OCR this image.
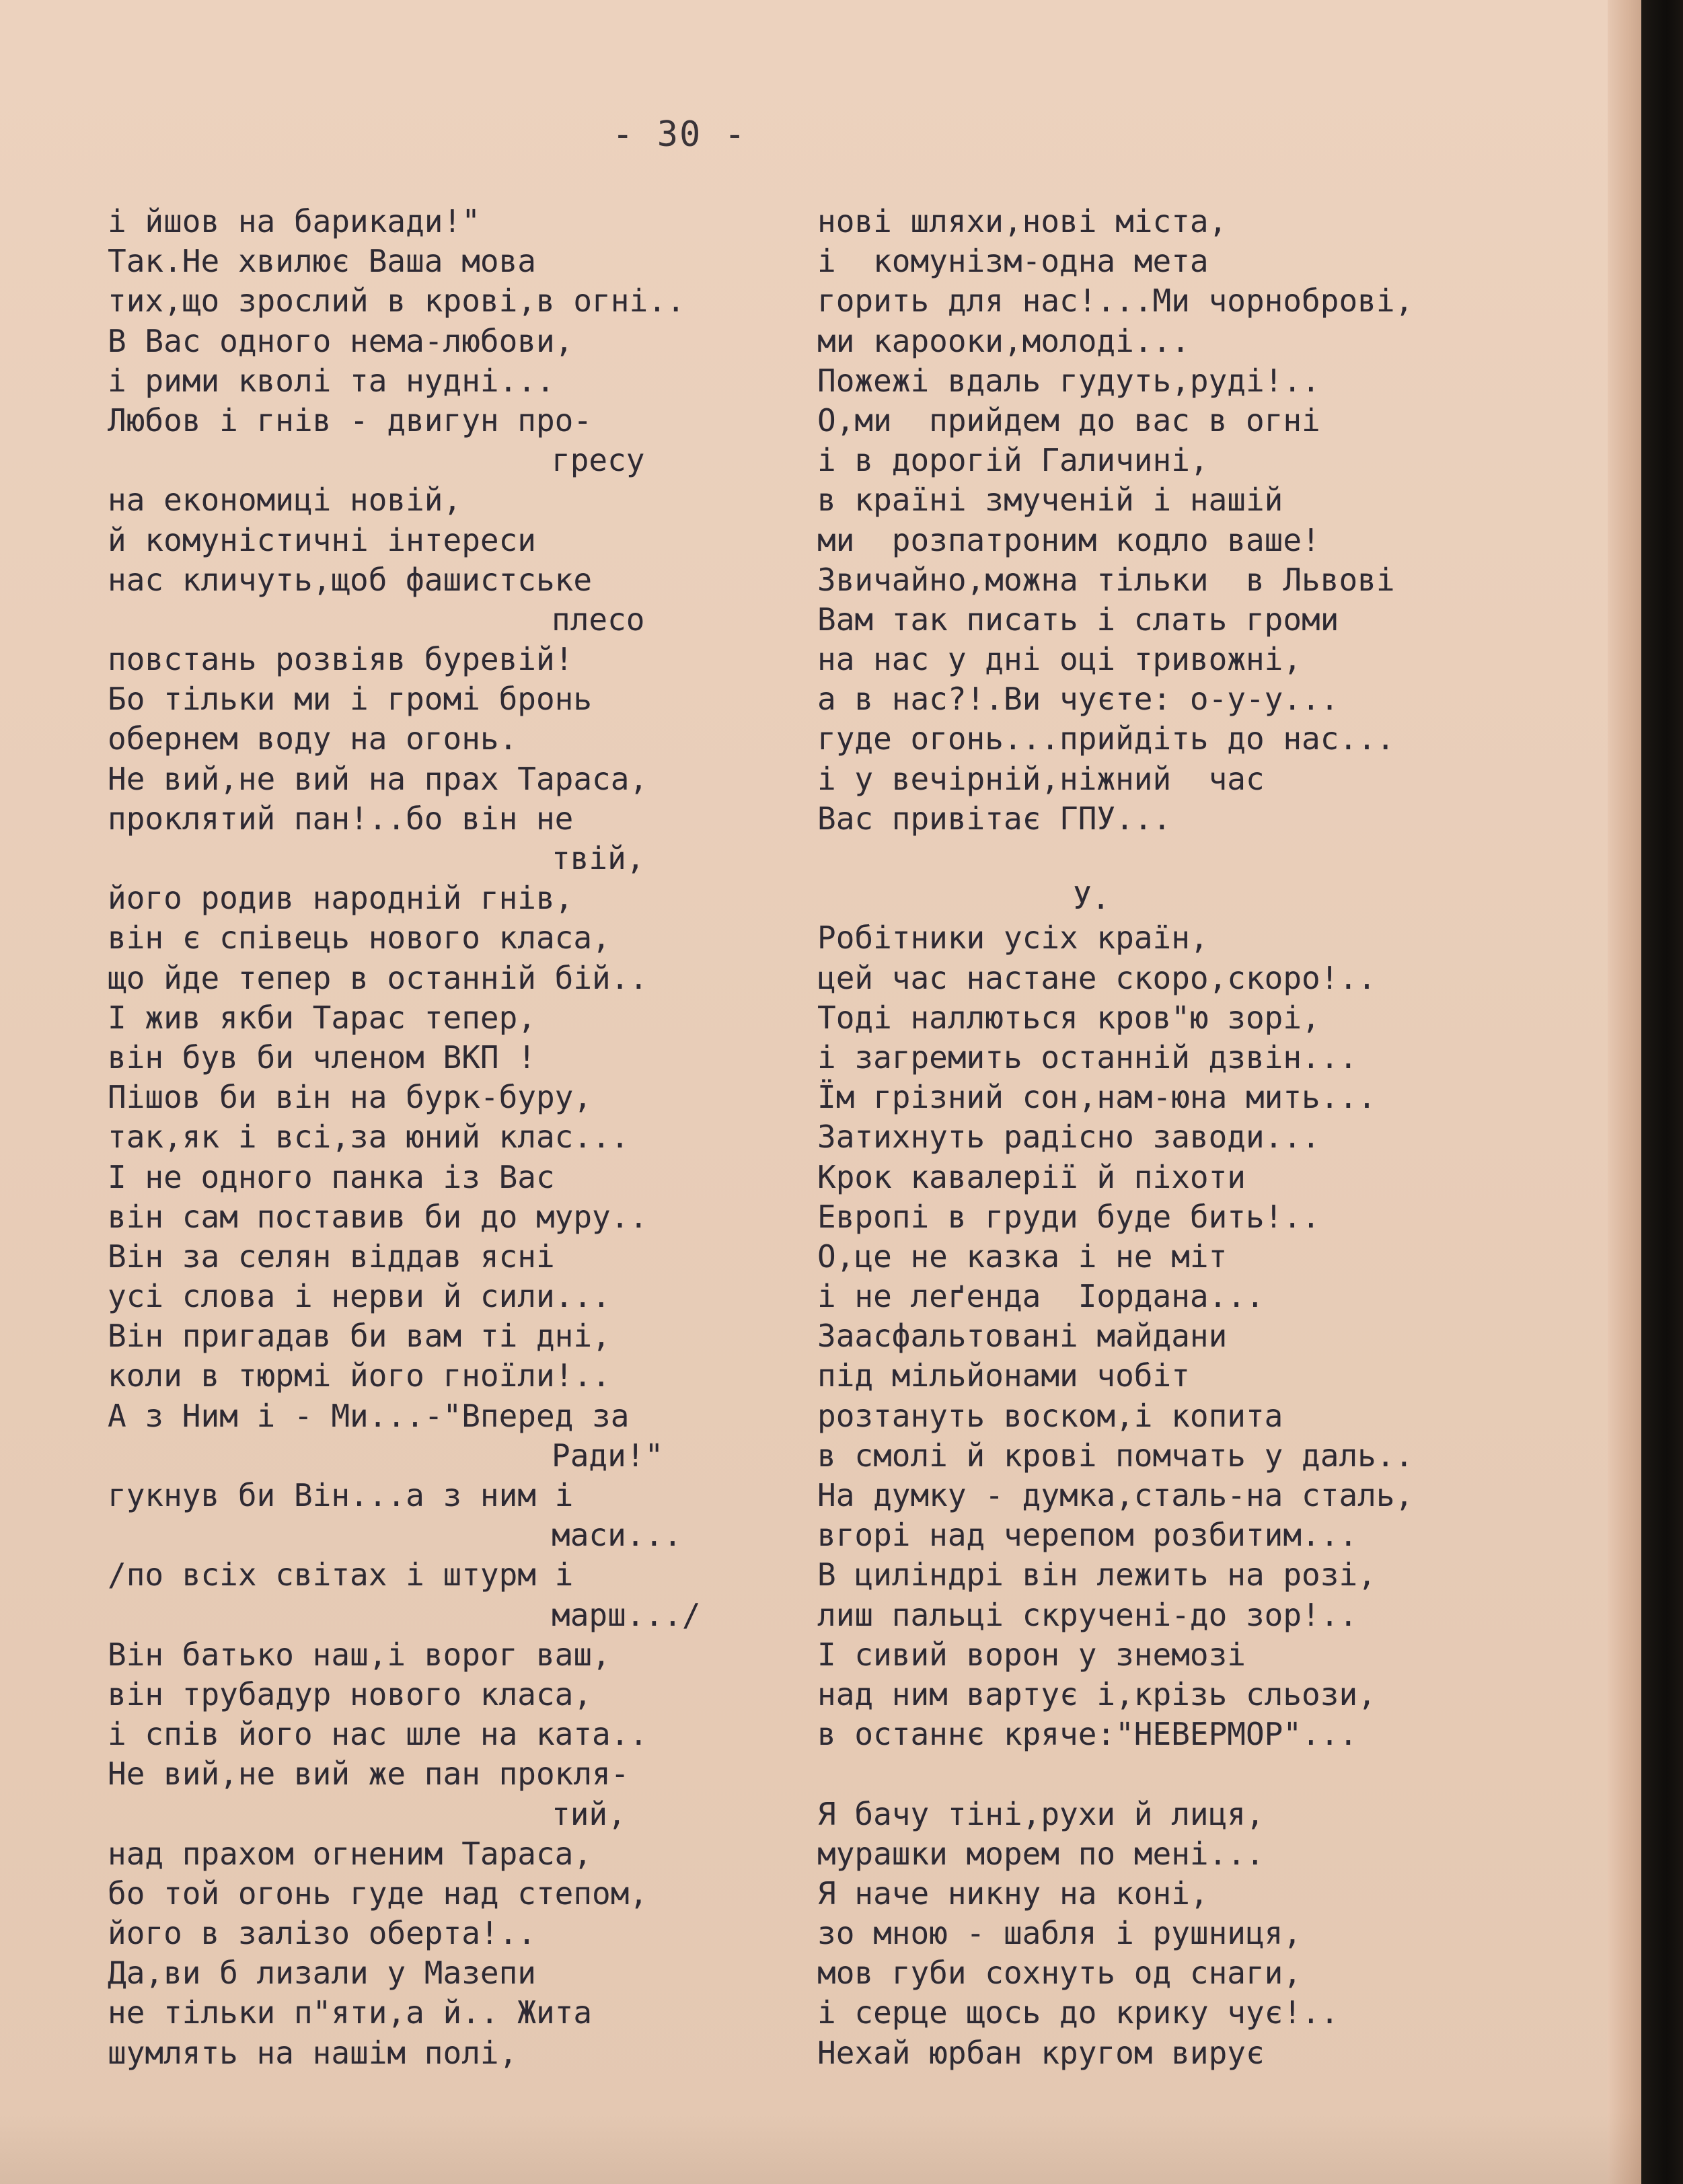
- 30 -
і йшов на барикади!"
Так.Не хвилює Ваша мова
тих,що зрослий в крові,в огні..
В Вас одного нема-любови,
і рими кволі та нудні...
Любов і гнів - двигун про-
гресу
на економиці новій,
й комуністичні інтереси
нас кличуть,щоб фашистське
плесо
повстань розвіяв буревій!
Бо тільки ми і громі бронь
обернем воду на огонь.
Не вий,не вий на прах Тараса,
проклятий пан!..бо він не
твій,
його родив народній гнів,
він є співець нового класа,
що йде тепер в останній бій..
І жив якби Тарас тепер,
він був би членом ВКП !
Пішов би він на бурк-буру,
так,як і всі,за юний клас...
І не одного панка із Вас
він сам поставив би до муру..
Він за селян віддав ясні
усі слова і нерви й сили...
Він пригадав би вам ті дні,
коли в тюрмі його гноїли!..
А з Ним і - Ми...-"Вперед за
Ради!"
гукнув би Він...а з ним і
маси...
/по всіх світах і штурм і
марш.../
Він батько наш,і ворог ваш,
він трубадур нового класа,
і спів його нас шле на ката..
Не вий,не вий же пан прокля-
тий,
над прахом огненим Тараса,
бо той огонь гуде над степом,
його в залізо оберта!..
Да,ви б лизали у Мазепи
не тільки п"яти,а й.. Жита
шумлять на нашім полі,
нові шляхи,нові міста,
і  комунізм-одна мета
горить для нас!...Ми чорноброві,
ми карооки,молоді...
Пожежі вдаль гудуть,руді!..
О,ми  прийдем до вас в огні
і в дорогій Галичині,
в країні змученій і нашій
ми  розпатроним кодло ваше!
Звичайно,можна тільки  в Львові
Вам так писать і слать громи
на нас у дні оці тривожні,
а в нас?!.Ви чуєте: о-у-у...
гуде огонь...прийдіть до нас...
і у вечірній,ніжний  час
Вас привітає ГПУ...
У.
Робітники усіх країн,
цей час настане скоро,скоро!..
Тоді наллються кров"ю зорі,
і загремить останній дзвін...
Їм грізний сон,нам-юна мить...
Затихнуть радісно заводи...
Крок кавалерії й піхоти
Европі в груди буде бить!..
О,це не казка і не міт
і не леґенда  Іордана...
Заасфальтовані майдани
під мільйонами чобіт
розтануть воском,і копита
в смолі й крові помчать у даль..
На думку - думка,сталь-на сталь,
вгорі над черепом розбитим...
В циліндрі він лежить на розі,
лиш пальці скручені-до зор!..
І сивий ворон у знемозі
над ним вартує і,крізь сльози,
в останнє кряче:"НЕВЕРМОР"...
Я бачу тіні,рухи й лиця,
мурашки морем по мені...
Я наче никну на коні,
зо мною - шабля і рушниця,
мов губи сохнуть од снаги,
і серце щось до крику чує!..
Нехай юрбан кругом вирує
